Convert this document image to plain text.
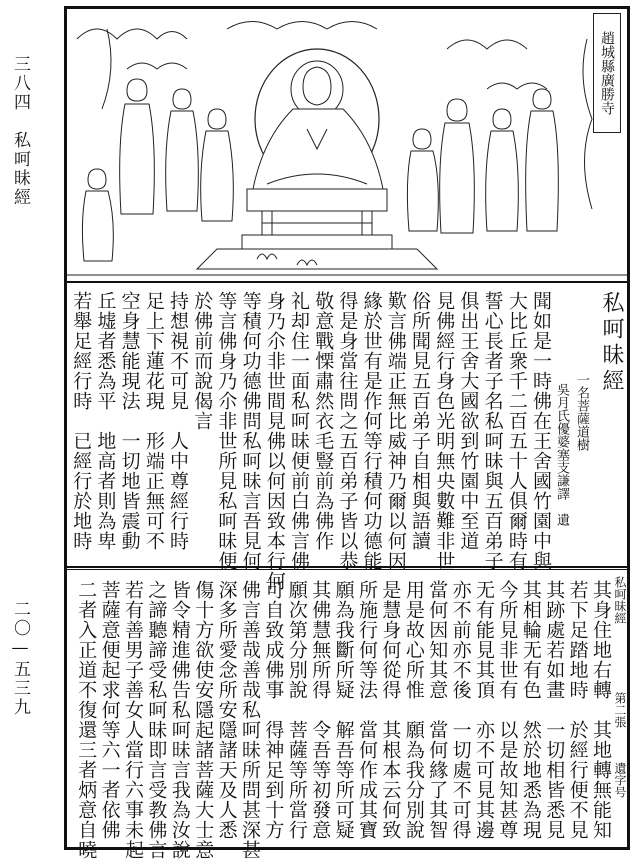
三八四　私呵昧經
二〇—五三九
趙城縣廣勝寺
私呵昧經
一名菩薩道樹
吳月氏優婆塞支謙譯
遺
聞如是一時佛在王舍國竹園中與
大比丘衆千二百五十人俱爾時有
誓心長者子名私呵昧與五百弟子
俱出王舍大國欲到竹園中至道
見佛經行身色光明無央數難非世
俗所聞見五百弟子自相與語讀
歎言佛端正無比威神乃爾以何因
緣於世有是作何等行積何功德能
得是身當往問之五百弟子皆以恭
敬意戰慄肅然衣毛豎前為佛作
礼却住一面私呵昧便前白佛言佛
身乃尒非世間見佛以何因致本行何
等積何功德佛問私呵昧言吾見何
等言佛身乃尒非世所見私呵昧便
於佛前而說偈言
持想視不可見　人中尊經行時
足上下蓮花現　形端正無可不
空身慧能現法　一切地皆震動
丘墟者悉為平　地高者則為卑
若舉足經行時　已經行於地時
私呵昧經
第二張
遺字号
其身住地右轉　其地轉無能知
若下足踏地時　於經行便不見
其跡處若如畫　一切相皆悉見
其相輪无有色　然於地悉為現
今所見非世有　以是故知甚尊
无有能見其頂　亦不可見其邊
亦不前亦不後　一切處不可得
當何因知其意　當何緣了其智
用是故心所惟　願為我分別說
是慧身何從得　其根本云何致
所施行何等法　當何作成其寶
願為我斷所疑　解吾等所可疑
其佛慧無所得　令吾等初發意
願次第分別說　菩薩等所當行
可自致成佛事　得神足到十方
佛言善哉善哉私呵昧所問甚深甚
深多所愛念所安隱諸天及人悉
傷十方欲使安隱起諸菩薩大士意
皆令精進佛告私呵昧言我為汝說
之諦聽諦受私呵昧即言受教佛言
若有善男子善女人當行六事未起
菩薩意便起求何等六一者依佛
二者入正道不復還三者炳意自曉
